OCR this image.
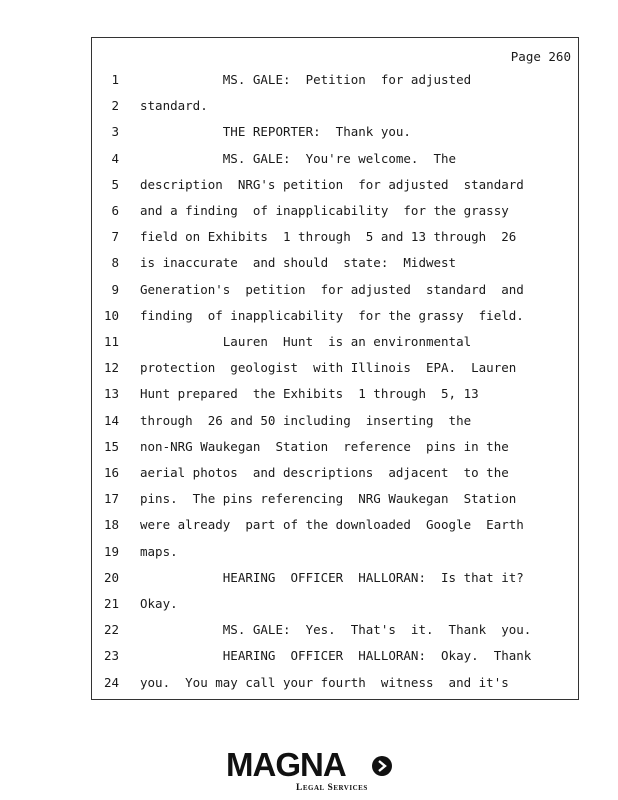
Page 260
1 MS. GALE:  Petition  for adjusted
2 standard.
3 THE REPORTER:  Thank you.
4 MS. GALE:  You're welcome.  The
5 description  NRG's petition  for adjusted  standard
6 and a finding  of inapplicability  for the grassy
7 field on Exhibits  1 through  5 and 13 through  26
8 is inaccurate  and should  state:  Midwest
9 Generation's  petition  for adjusted  standard  and
10 finding  of inapplicability  for the grassy  field.
11 Lauren  Hunt  is an environmental
12 protection  geologist  with Illinois  EPA.  Lauren
13 Hunt prepared  the Exhibits  1 through  5, 13
14 through  26 and 50 including  inserting  the
15 non-NRG Waukegan  Station  reference  pins in the
16 aerial photos  and descriptions  adjacent  to the
17 pins.  The pins referencing  NRG Waukegan  Station
18 were already  part of the downloaded  Google  Earth
19 maps.
20 HEARING  OFFICER  HALLORAN:  Is that it?
21 Okay.
22 MS. GALE:  Yes.  That's  it.  Thank  you.
23 HEARING  OFFICER  HALLORAN:  Okay.  Thank
24 you.  You may call your fourth  witness  and it's
MAGNA
Legal Services
